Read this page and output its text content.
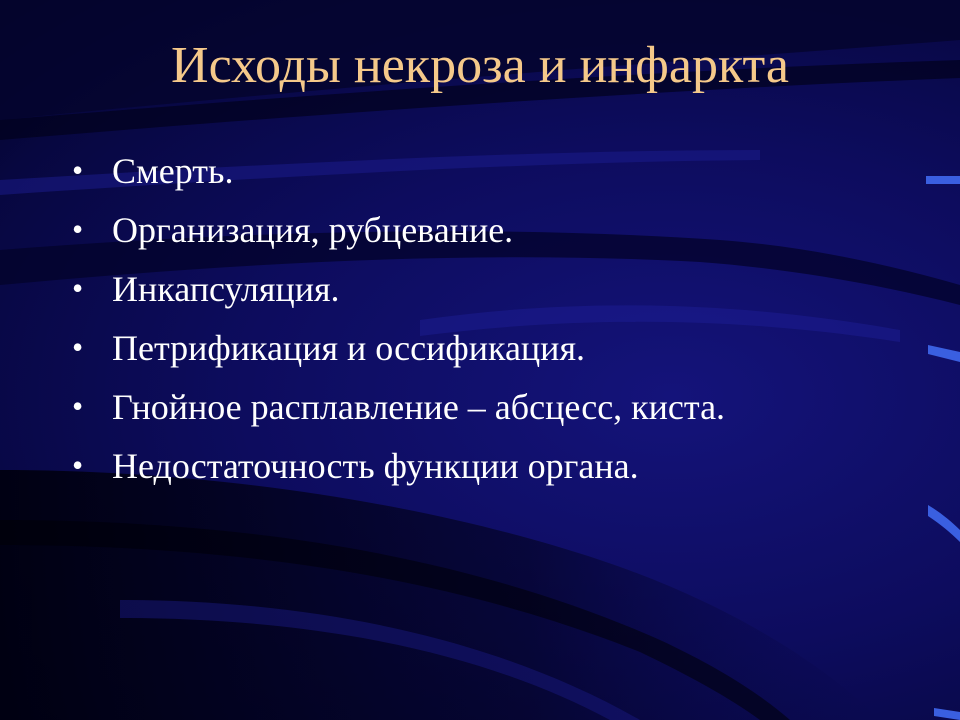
Исходы некроза и инфаркта
• Смерть.
• Организация, рубцевание.
• Инкапсуляция.
• Петрификация и оссификация.
• Гнойное расплавление – абсцесс, киста.
• Недостаточность функции органа.
